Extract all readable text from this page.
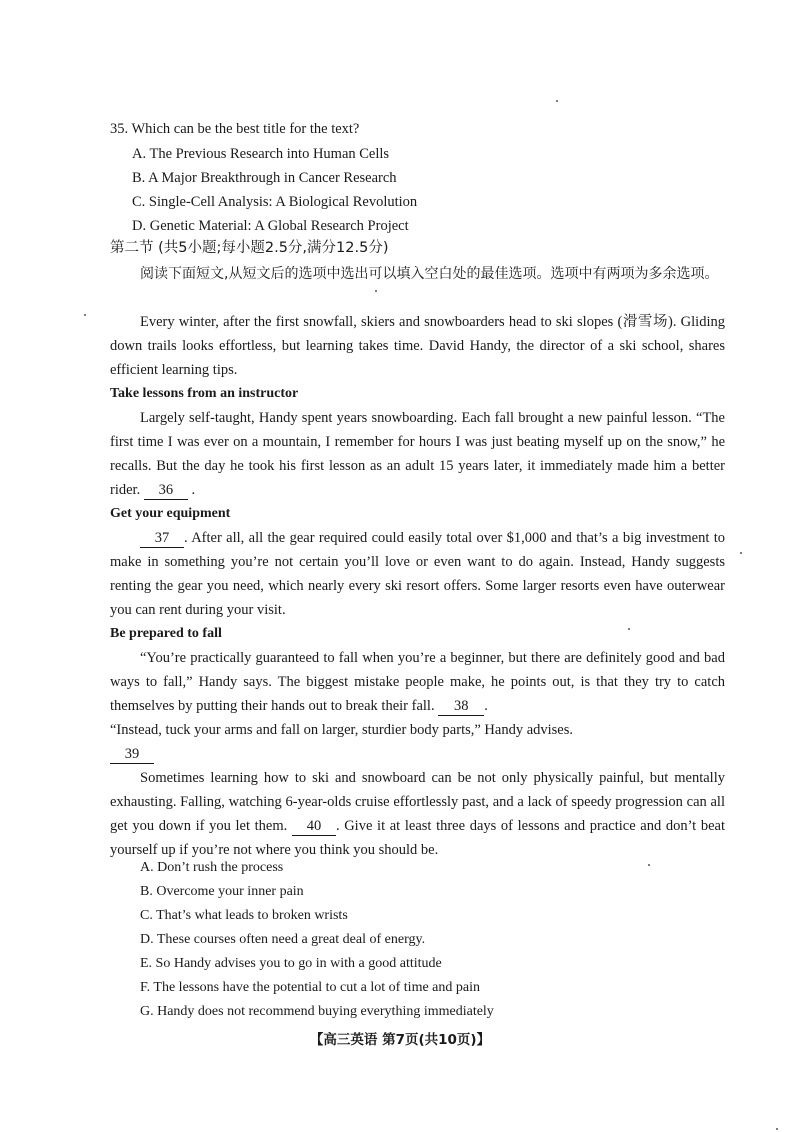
35. Which can be the best title for the text?
A. The Previous Research into Human Cells
B. A Major Breakthrough in Cancer Research
C. Single-Cell Analysis: A Biological Revolution
D. Genetic Material: A Global Research Project
第二节 (共5小题;每小题2.5分,满分12.5分)
阅读下面短文,从短文后的选项中选出可以填入空白处的最佳选项。选项中有两项为多余选项。

Every winter, after the first snowfall, skiers and snowboarders head to ski slopes (滑雪场). Gliding down trails looks effortless, but learning takes time. David Handy, the director of a ski school, shares efficient learning tips.

Take lessons from an instructor

Largely self-taught, Handy spent years snowboarding. Each fall brought a new painful lesson. “The first time I was ever on a mountain, I remember for hours I was just beating myself up on the snow,” he recalls. But the day he took his first lesson as an adult 15 years later, it immediately made him a better rider. 36 .

Get your equipment

37 . After all, all the gear required could easily total over $1,000 and that’s a big investment to make in something you’re not certain you’ll love or even want to do again. Instead, Handy suggests renting the gear you need, which nearly every ski resort offers. Some larger resorts even have outerwear you can rent during your visit.

Be prepared to fall

“You’re practically guaranteed to fall when you’re a beginner, but there are definitely good and bad ways to fall,” Handy says. The biggest mistake people make, he points out, is that they try to catch themselves by putting their hands out to break their fall. 38 .
“Instead, tuck your arms and fall on larger, sturdier body parts,” Handy advises.

39

Sometimes learning how to ski and snowboard can be not only physically painful, but mentally exhausting. Falling, watching 6-year-olds cruise effortlessly past, and a lack of speedy progression can all get you down if you let them. 40 . Give it at least three days of lessons and practice and don’t beat yourself up if you’re not where you think you should be.

A. Don’t rush the process
B. Overcome your inner pain
C. That’s what leads to broken wrists
D. These courses often need a great deal of energy.
E. So Handy advises you to go in with a good attitude
F. The lessons have the potential to cut a lot of time and pain
G. Handy does not recommend buying everything immediately
【高三英语 第7页(共10页)】
